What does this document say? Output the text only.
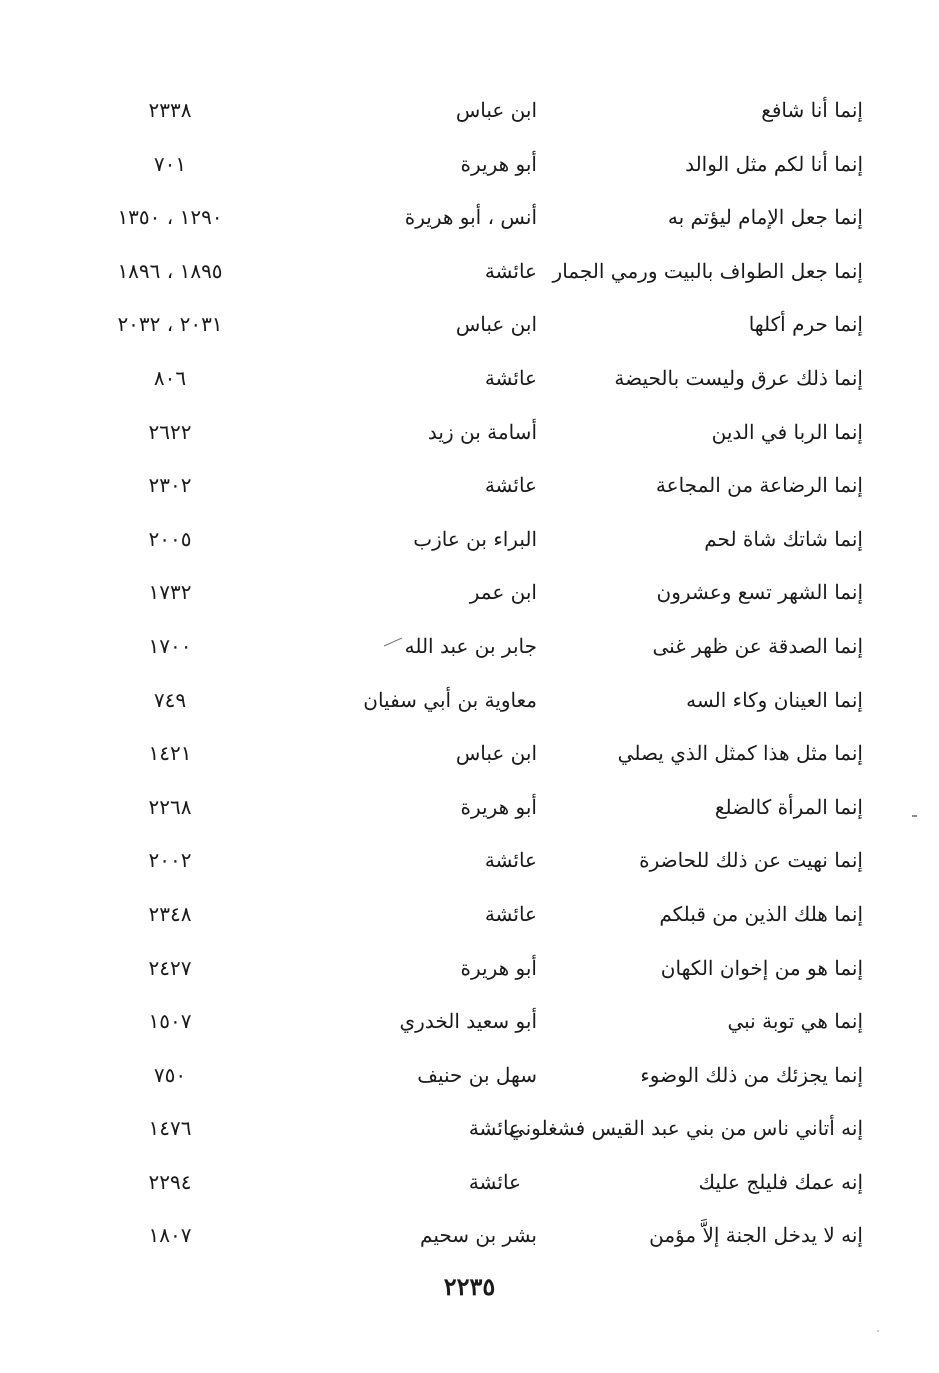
إنما أنا شافع
ابن عباس
٢٣٣٨
إنما أنا لكم مثل الوالد
أبو هريرة
٧٠١
إنما جعل الإمام ليؤتم به
أنس ، أبو هريرة
١٢٩٠ ، ١٣٥٠
إنما جعل الطواف بالبيت ورمي الجمار
عائشة
١٨٩٥ ، ١٨٩٦
إنما حرم أكلها
ابن عباس
٢٠٣١ ، ٢٠٣٢
إنما ذلك عرق وليست بالحيضة
عائشة
٨٠٦
إنما الربا في الدين
أسامة بن زيد
٢٦٢٢
إنما الرضاعة من المجاعة
عائشة
٢٣٠٢
إنما شاتك شاة لحم
البراء بن عازب
٢٠٠٥
إنما الشهر تسع وعشرون
ابن عمر
١٧٣٢
إنما الصدقة عن ظهر غنى
جابر بن عبد الله
١٧٠٠
إنما العينان وكاء السه
معاوية بن أبي سفيان
٧٤٩
إنما مثل هذا كمثل الذي يصلي
ابن عباس
١٤٢١
إنما المرأة كالضلع
أبو هريرة
٢٢٦٨
إنما نهيت عن ذلك للحاضرة
عائشة
٢٠٠٢
إنما هلك الذين من قبلكم
عائشة
٢٣٤٨
إنما هو من إخوان الكهان
أبو هريرة
٢٤٢٧
إنما هي توبة نبي
أبو سعيد الخدري
١٥٠٧
إنما يجزئك من ذلك الوضوء
سهل بن حنيف
٧٥٠
إنه أتاني ناس من بني عبد القيس فشغلوني
عائشة
١٤٧٦
إنه عمك فليلج عليك
عائشة
٢٢٩٤
إنه لا يدخل الجنة إلاَّ مؤمن
بشر بن سحيم
١٨٠٧
٢٢٣٥
